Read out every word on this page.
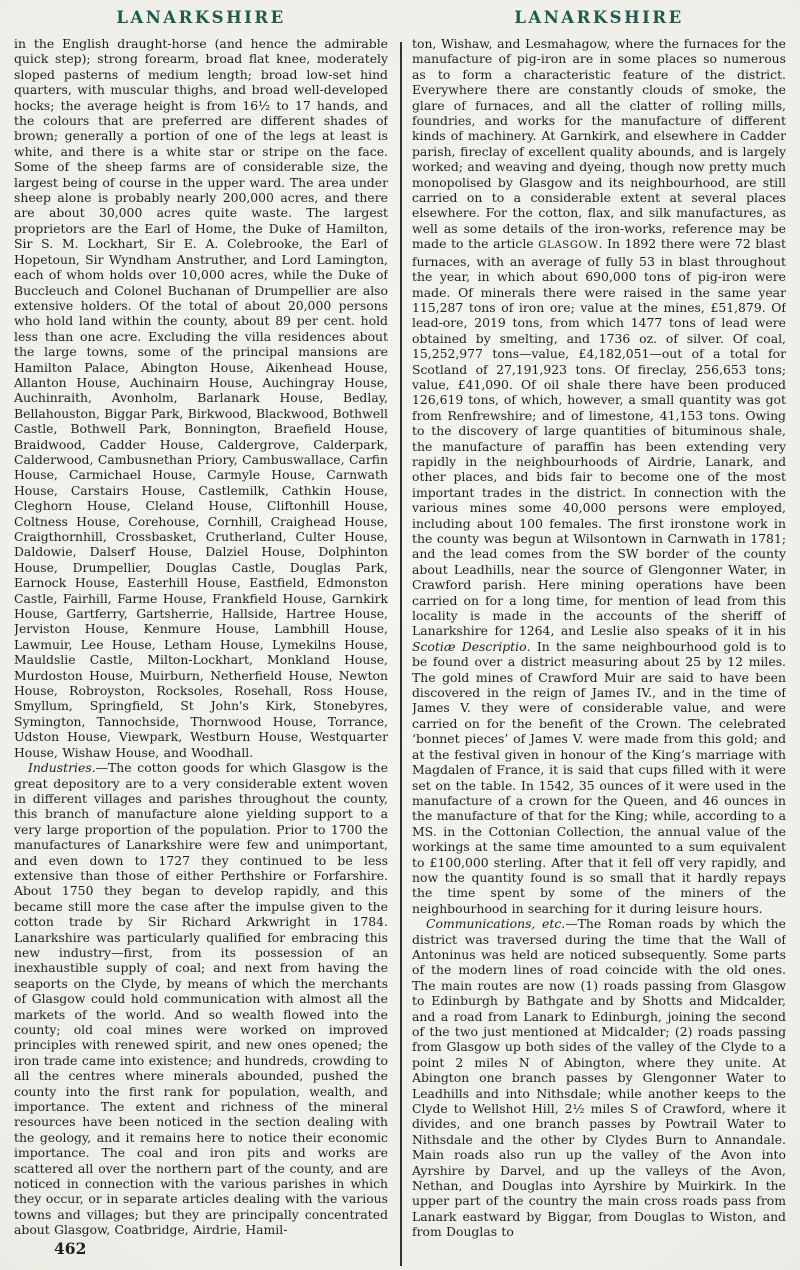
LANARKSHIRE

in the English draught-horse (and hence the admirable quick step); strong forearm, broad flat knee, moderately sloped pasterns of medium length; broad low-set hind quarters, with muscular thighs, and broad well-developed hocks; the average height is from 16½ to 17 hands, and the colours that are preferred are different shades of brown; generally a portion of one of the legs at least is white, and there is a white star or stripe on the face. Some of the sheep farms are of considerable size, the largest being of course in the upper ward. The area under sheep alone is probably nearly 200,000 acres, and there are about 30,000 acres quite waste. The largest proprietors are the Earl of Home, the Duke of Hamilton, Sir S. M. Lockhart, Sir E. A. Colebrooke, the Earl of Hopetoun, Sir Wyndham Anstruther, and Lord Lamington, each of whom holds over 10,000 acres, while the Duke of Buccleuch and Colonel Buchanan of Drumpellier are also extensive holders. Of the total of about 20,000 persons who hold land within the county, about 89 per cent. hold less than one acre. Excluding the villa residences about the large towns, some of the principal mansions are Hamilton Palace, Abington House, Aikenhead House, Allanton House, Auchinairn House, Auchingray House, Auchinraith, Avonholm, Barlanark House, Bedlay, Bellahouston, Biggar Park, Birkwood, Blackwood, Bothwell Castle, Bothwell Park, Bonnington, Braefield House, Braidwood, Cadder House, Caldergrove, Calderpark, Calderwood, Cambusnethan Priory, Cambuswallace, Carfin House, Carmichael House, Carmyle House, Carnwath House, Carstairs House, Castlemilk, Cathkin House, Cleghorn House, Cleland House, Cliftonhill House, Coltness House, Corehouse, Cornhill, Craighead House, Craigthornhill, Crossbasket, Crutherland, Culter House, Daldowie, Dalserf House, Dalziel House, Dolphinton House, Drumpellier, Douglas Castle, Douglas Park, Earnock House, Easterhill House, Eastfield, Edmonston Castle, Fairhill, Farme House, Frankfield House, Garnkirk House, Gartferry, Gartsherrie, Hallside, Hartree House, Jerviston House, Kenmure House, Lambhill House, Lawmuir, Lee House, Letham House, Lymekilns House, Mauldslie Castle, Milton-Lockhart, Monkland House, Murdoston House, Muirburn, Netherfield House, Newton House, Robroyston, Rocksoles, Rosehall, Ross House, Smyllum, Springfield, St John's Kirk, Stonebyres, Symington, Tannochside, Thornwood House, Torrance, Udston House, Viewpark, Westburn House, Westquarter House, Wishaw House, and Woodhall.

Industries.—The cotton goods for which Glasgow is the great depository are to a very considerable extent woven in different villages and parishes throughout the county, this branch of manufacture alone yielding support to a very large proportion of the population. Prior to 1700 the manufactures of Lanarkshire were few and unimportant, and even down to 1727 they continued to be less extensive than those of either Perthshire or Forfarshire. About 1750 they began to develop rapidly, and this became still more the case after the impulse given to the cotton trade by Sir Richard Arkwright in 1784. Lanarkshire was particularly qualified for embracing this new industry—first, from its possession of an inexhaustible supply of coal; and next from having the seaports on the Clyde, by means of which the merchants of Glasgow could hold communication with almost all the markets of the world. And so wealth flowed into the county; old coal mines were worked on improved principles with renewed spirit, and new ones opened; the iron trade came into existence; and hundreds, crowding to all the centres where minerals abounded, pushed the county into the first rank for population, wealth, and importance. The extent and richness of the mineral resources have been noticed in the section dealing with the geology, and it remains here to notice their economic importance. The coal and iron pits and works are scattered all over the northern part of the county, and are noticed in connection with the various parishes in which they occur, or in separate articles dealing with the various towns and villages; but they are principally concentrated about Glasgow, Coatbridge, Airdrie, Hamil-

LANARKSHIRE

ton, Wishaw, and Lesmahagow, where the furnaces for the manufacture of pig-iron are in some places so numerous as to form a characteristic feature of the district. Everywhere there are constantly clouds of smoke, the glare of furnaces, and all the clatter of rolling mills, foundries, and works for the manufacture of different kinds of machinery. At Garnkirk, and elsewhere in Cadder parish, fireclay of excellent quality abounds, and is largely worked; and weaving and dyeing, though now pretty much monopolised by Glasgow and its neighbourhood, are still carried on to a considerable extent at several places elsewhere. For the cotton, flax, and silk manufactures, as well as some details of the iron-works, reference may be made to the article GLASGOW. In 1892 there were 72 blast furnaces, with an average of fully 53 in blast throughout the year, in which about 690,000 tons of pig-iron were made. Of minerals there were raised in the same year 115,287 tons of iron ore; value at the mines, £51,879. Of lead-ore, 2019 tons, from which 1477 tons of lead were obtained by smelting, and 1736 oz. of silver. Of coal, 15,252,977 tons—value, £4,182,051—out of a total for Scotland of 27,191,923 tons. Of fireclay, 256,653 tons; value, £41,090. Of oil shale there have been produced 126,619 tons, of which, however, a small quantity was got from Renfrewshire; and of limestone, 41,153 tons. Owing to the discovery of large quantities of bituminous shale, the manufacture of paraffin has been extending very rapidly in the neighbourhoods of Airdrie, Lanark, and other places, and bids fair to become one of the most important trades in the district. In connection with the various mines some 40,000 persons were employed, including about 100 females. The first ironstone work in the county was begun at Wilsontown in Carnwath in 1781; and the lead comes from the SW border of the county about Leadhills, near the source of Glengonner Water, in Crawford parish. Here mining operations have been carried on for a long time, for mention of lead from this locality is made in the accounts of the sheriff of Lanarkshire for 1264, and Leslie also speaks of it in his Scotiæ Descriptio. In the same neighbourhood gold is to be found over a district measuring about 25 by 12 miles. The gold mines of Crawford Muir are said to have been discovered in the reign of James IV., and in the time of James V. they were of considerable value, and were carried on for the benefit of the Crown. The celebrated ‘bonnet pieces’ of James V. were made from this gold; and at the festival given in honour of the King’s marriage with Magdalen of France, it is said that cups filled with it were set on the table. In 1542, 35 ounces of it were used in the manufacture of a crown for the Queen, and 46 ounces in the manufacture of that for the King; while, according to a MS. in the Cottonian Collection, the annual value of the workings at the same time amounted to a sum equivalent to £100,000 sterling. After that it fell off very rapidly, and now the quantity found is so small that it hardly repays the time spent by some of the miners of the neighbourhood in searching for it during leisure hours.

Communications, etc.—The Roman roads by which the district was traversed during the time that the Wall of Antoninus was held are noticed subsequently. Some parts of the modern lines of road coincide with the old ones. The main routes are now (1) roads passing from Glasgow to Edinburgh by Bathgate and by Shotts and Midcalder, and a road from Lanark to Edinburgh, joining the second of the two just mentioned at Midcalder; (2) roads passing from Glasgow up both sides of the valley of the Clyde to a point 2 miles N of Abington, where they unite. At Abington one branch passes by Glengonner Water to Leadhills and into Nithsdale; while another keeps to the Clyde to Wellshot Hill, 2½ miles S of Crawford, where it divides, and one branch passes by Powtrail Water to Nithsdale and the other by Clydes Burn to Annandale. Main roads also run up the valley of the Avon into Ayrshire by Darvel, and up the valleys of the Avon, Nethan, and Douglas into Ayrshire by Muirkirk. In the upper part of the country the main cross roads pass from Lanark eastward by Biggar, from Douglas to Wiston, and from Douglas to

462
